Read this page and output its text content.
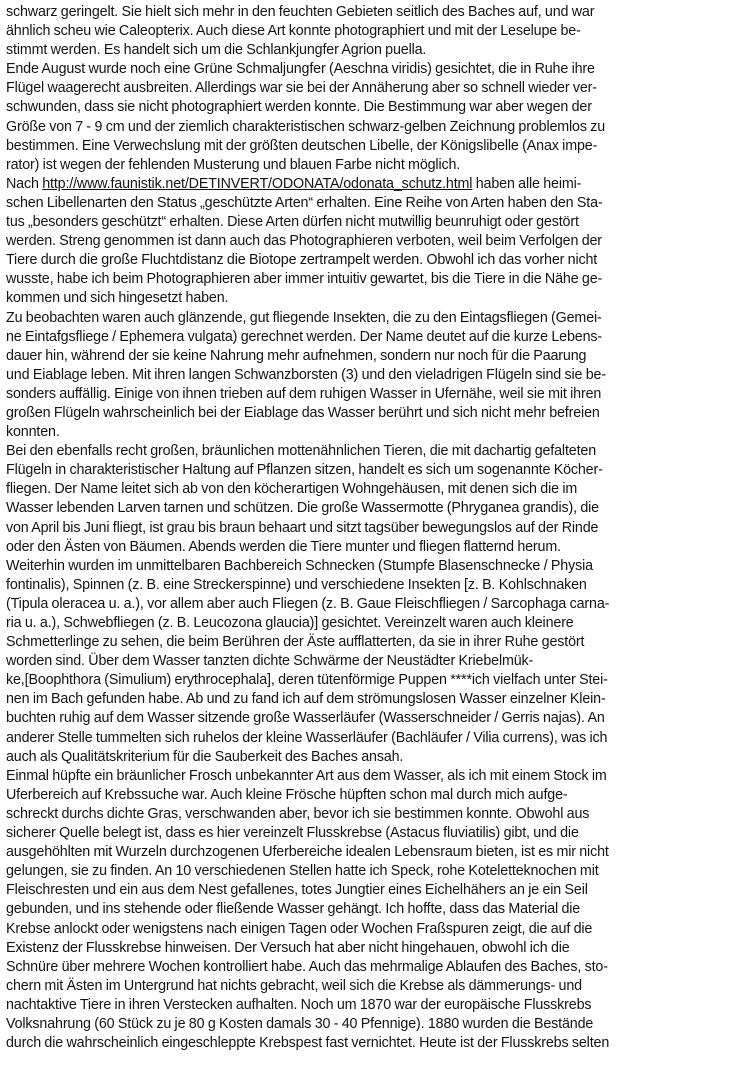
schwarz geringelt. Sie hielt sich mehr in den feuchten Gebieten seitlich des Baches auf, und war
ähnlich scheu wie Caleopterix. Auch diese Art konnte photographiert und mit der Leselupe be-
stimmt werden. Es handelt sich um die Schlankjungfer Agrion puella.
Ende August wurde noch eine Grüne Schmaljungfer (Aeschna viridis) gesichtet, die in Ruhe ihre
Flügel waagerecht ausbreiten. Allerdings war sie bei der Annäherung aber so schnell wieder ver-
schwunden, dass sie nicht photographiert werden konnte. Die Bestimmung war aber wegen der
Größe von 7 - 9 cm und der ziemlich charakteristischen schwarz-gelben Zeichnung problemlos zu
bestimmen. Eine Verwechslung mit der größten deutschen Libelle, der Königslibelle (Anax impe-
rator) ist wegen der fehlenden Musterung und blauen Farbe nicht möglich.
Nach http://www.faunistik.net/DETINVERT/ODONATA/odonata_schutz.html haben alle heimi-
schen Libellenarten den Status „geschützte Arten“ erhalten. Eine Reihe von Arten haben den Sta-
tus „besonders geschützt“ erhalten. Diese Arten dürfen nicht mutwillig beunruhigt oder gestört
werden. Streng genommen ist dann auch das Photographieren verboten, weil beim Verfolgen der
Tiere durch die große Fluchtdistanz die Biotope zertrampelt werden. Obwohl ich das vorher nicht
wusste, habe ich beim Photographieren aber immer intuitiv gewartet, bis die Tiere in die Nähe ge-
kommen und sich hingesetzt haben.
Zu beobachten waren auch glänzende, gut fliegende Insekten, die zu den Eintagsfliegen (Gemei-
ne Eintafgsfliege / Ephemera vulgata) gerechnet werden. Der Name deutet auf die kurze Lebens-
dauer hin, während der sie keine Nahrung mehr aufnehmen, sondern nur noch für die Paarung
und Eiablage leben. Mit ihren langen Schwanzborsten (3) und den vieladrigen Flügeln sind sie be-
sonders auffällig. Einige von ihnen trieben auf dem ruhigen Wasser in Ufernähe, weil sie mit ihren
großen Flügeln wahrscheinlich bei der Eiablage das Wasser berührt und sich nicht mehr befreien
konnten.
Bei den ebenfalls recht großen, bräunlichen mottenähnlichen Tieren, die mit dachartig gefalteten
Flügeln in charakteristischer Haltung auf Pflanzen sitzen, handelt es sich um sogenannte Köcher-
fliegen. Der Name leitet sich ab von den köcherartigen Wohngehäusen, mit denen sich die im
Wasser lebenden Larven tarnen und schützen. Die große Wassermotte (Phryganea grandis), die
von April bis Juni fliegt, ist grau bis braun behaart und sitzt tagsüber bewegungslos auf der Rinde
oder den Ästen von Bäumen. Abends werden die Tiere munter und fliegen flatternd herum.
Weiterhin wurden im unmittelbaren Bachbereich Schnecken (Stumpfe Blasenschnecke / Physia
fontinalis), Spinnen (z. B. eine Streckerspinne) und verschiedene Insekten [z. B. Kohlschnaken
(Tipula oleracea u. a.), vor allem aber auch Fliegen (z. B. Gaue Fleischfliegen / Sarcophaga carna-
ria u. a.), Schwebfliegen (z. B. Leucozona glaucia)] gesichtet. Vereinzelt waren auch kleinere
Schmetterlinge zu sehen, die beim Berühren der Äste aufflatterten, da sie in ihrer Ruhe gestört
worden sind. Über dem Wasser tanzten dichte Schwärme der Neustädter Kriebelmük-
ke,[Boophthora (Simulium) erythrocephala], deren tütenförmige Puppen ****ich vielfach unter Stei-
nen im Bach gefunden habe. Ab und zu fand ich auf dem strömungslosen Wasser einzelner Klein-
buchten ruhig auf dem Wasser sitzende große Wasserläufer (Wasserschneider / Gerris najas). An
anderer Stelle tummelten sich ruhelos der kleine Wasserläufer (Bachläufer / Vilia currens), was ich
auch als Qualitätskriterium für die Sauberkeit des Baches ansah.
Einmal hüpfte ein bräunlicher Frosch unbekannter Art aus dem Wasser, als ich mit einem Stock im
Uferbereich auf Krebssuche war. Auch kleine Frösche hüpften schon mal durch mich aufge-
schreckt durchs dichte Gras, verschwanden aber, bevor ich sie bestimmen konnte. Obwohl aus
sicherer Quelle belegt ist, dass es hier vereinzelt Flusskrebse (Astacus fluviatilis) gibt, und die
ausgehöhlten mit Wurzeln durchzogenen Uferbereiche idealen Lebensraum bieten, ist es mir nicht
gelungen, sie zu finden. An 10 verschiedenen Stellen hatte ich Speck, rohe Koteletteknochen mit
Fleischresten und ein aus dem Nest gefallenes, totes Jungtier eines Eichelhähers an je ein Seil
gebunden, und ins stehende oder fließende Wasser gehängt. Ich hoffte, dass das Material die
Krebse anlockt oder wenigstens nach einigen Tagen oder Wochen Fraßspuren zeigt, die auf die
Existenz der Flusskrebse hinweisen. Der Versuch hat aber nicht hingehauen, obwohl ich die
Schnüre über mehrere Wochen kontrolliert habe. Auch das mehrmalige Ablaufen des Baches, sto-
chern mit Ästen im Untergrund hat nichts gebracht, weil sich die Krebse als dämmerungs- und
nachtaktive Tiere in ihren Verstecken aufhalten. Noch um 1870 war der europäische Flusskrebs
Volksnahrung (60 Stück zu je 80 g Kosten damals 30 - 40 Pfennige). 1880 wurden die Bestände
durch die wahrscheinlich eingeschleppte Krebspest fast vernichtet. Heute ist der Flusskrebs selten
